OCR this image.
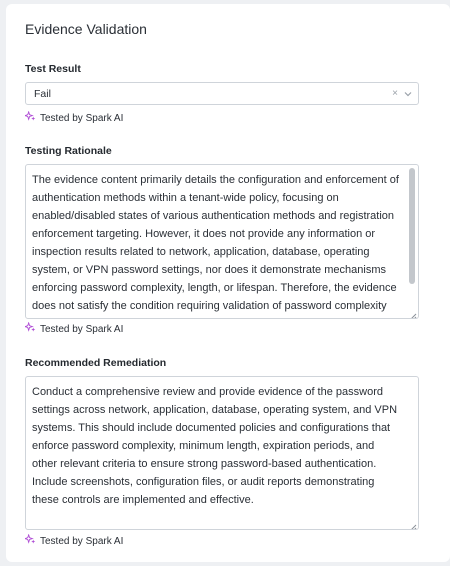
Evidence Validation
Test Result
Fail	×
Tested by Spark AI
Testing Rationale
The evidence content primarily details the configuration and enforcement of authentication methods within a tenant-wide policy, focusing on enabled/disabled states of various authentication methods and registration enforcement targeting. However, it does not provide any information or inspection results related to network, application, database, operating system, or VPN password settings, nor does it demonstrate mechanisms enforcing password complexity, length, or lifespan. Therefore, the evidence does not satisfy the condition requiring validation of password complexity
Tested by Spark AI
Recommended Remediation
Conduct a comprehensive review and provide evidence of the password settings across network, application, database, operating system, and VPN systems. This should include documented policies and configurations that enforce password complexity, minimum length, expiration periods, and other relevant criteria to ensure strong password-based authentication. Include screenshots, configuration files, or audit reports demonstrating these controls are implemented and effective.
Tested by Spark AI
